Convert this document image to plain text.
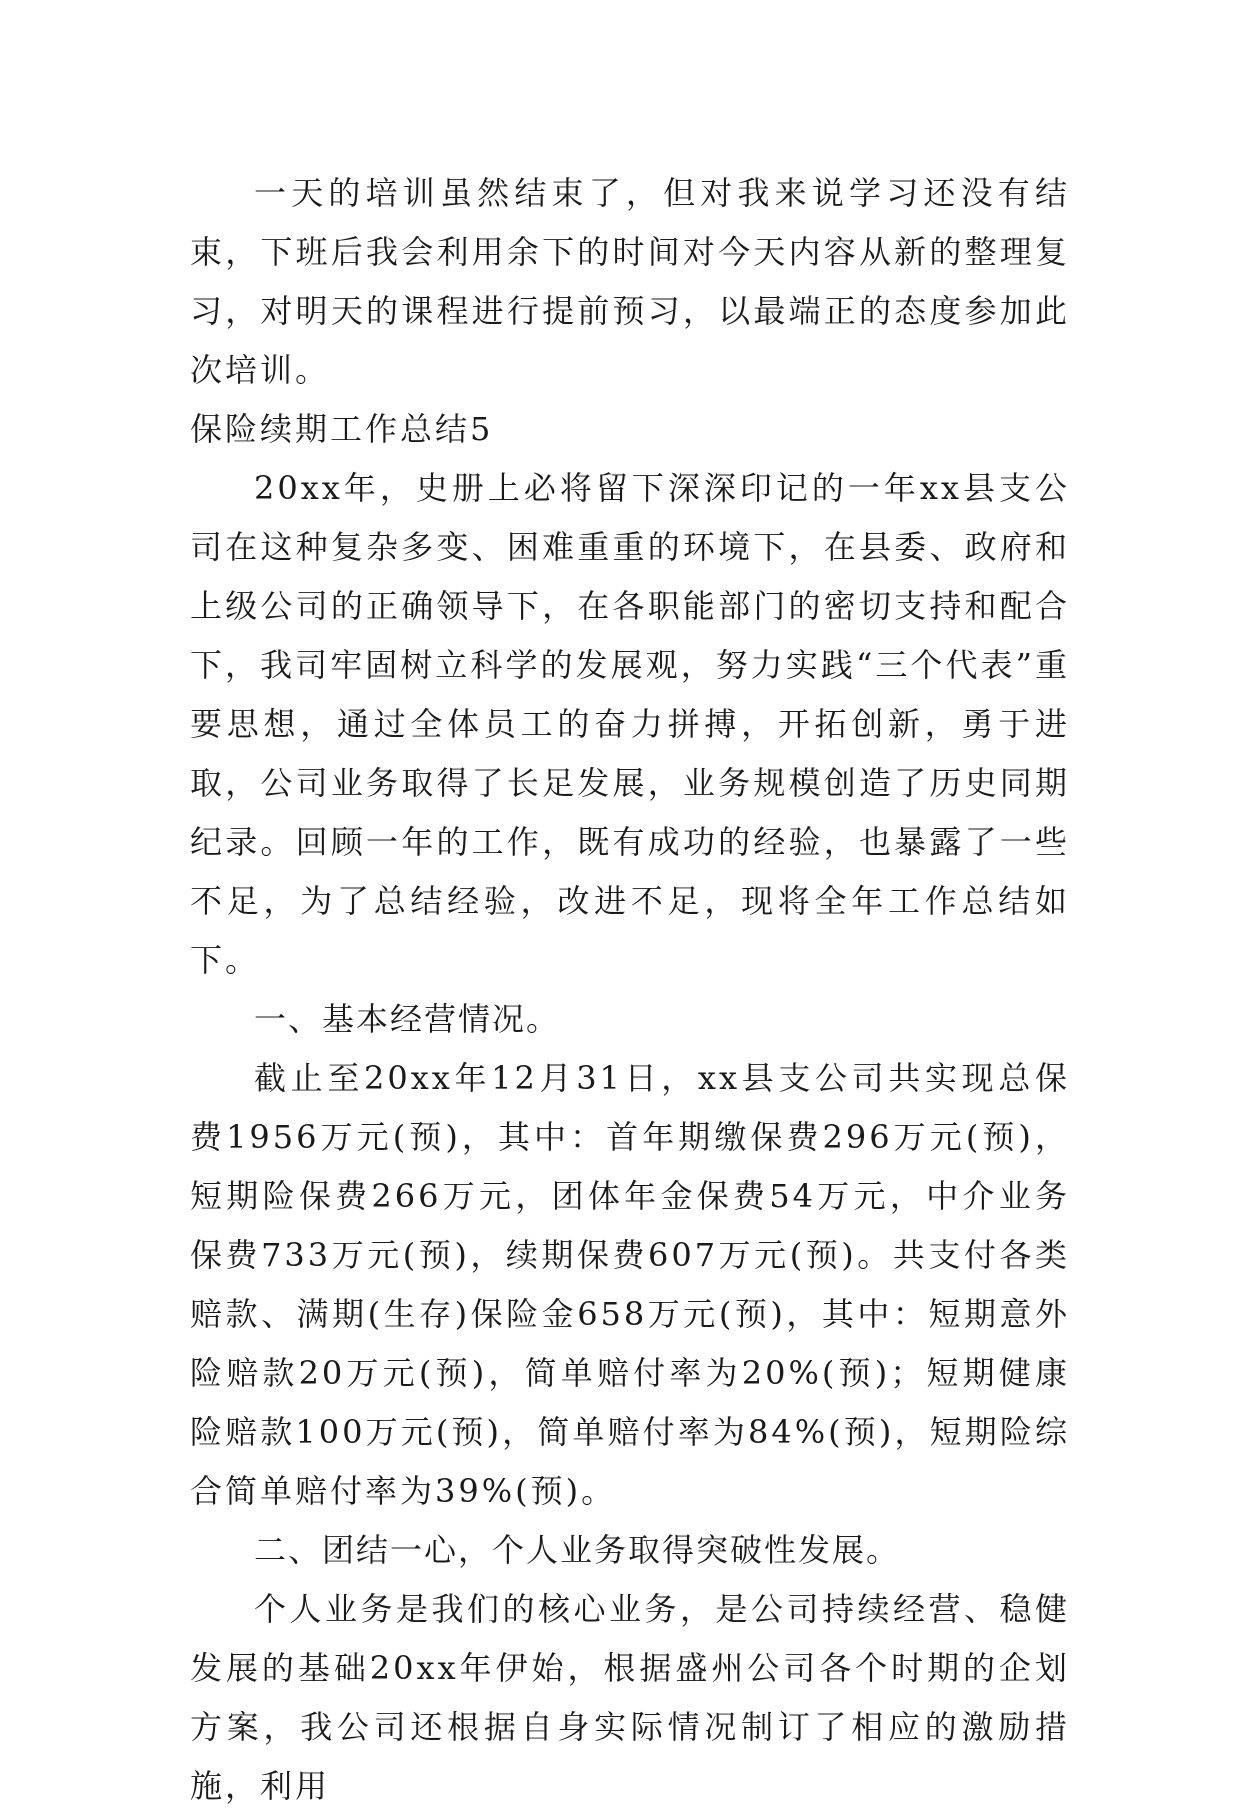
一天的培训虽然结束了，但对我来说学习还没有结束，下班后我会利用余下的时间对今天内容从新的整理复习，对明天的课程进行提前预习，以最端正的态度参加此次培训。

保险续期工作总结5

20xx年，史册上必将留下深深印记的一年xx县支公司在这种复杂多变、困难重重的环境下，在县委、政府和上级公司的正确领导下，在各职能部门的密切支持和配合下，我司牢固树立科学的发展观，努力实践“三个代表”重要思想，通过全体员工的奋力拼搏，开拓创新，勇于进取，公司业务取得了长足发展，业务规模创造了历史同期纪录。回顾一年的工作，既有成功的经验，也暴露了一些不足，为了总结经验，改进不足，现将全年工作总结如下。

一、基本经营情况。

截止至20xx年12月31日，xx县支公司共实现总保费1956万元(预)，其中：首年期缴保费296万元(预)，短期险保费266万元，团体年金保费54万元，中介业务保费733万元(预)，续期保费607万元(预)。共支付各类赔款、满期(生存)保险金658万元(预)，其中：短期意外险赔款20万元(预)，简单赔付率为20%(预)；短期健康险赔款100万元(预)，简单赔付率为84%(预)，短期险综合简单赔付率为39%(预)。

二、团结一心，个人业务取得突破性发展。

个人业务是我们的核心业务，是公司持续经营、稳健发展的基础20xx年伊始，根据盛州公司各个时期的企划方案，我公司还根据自身实际情况制订了相应的激励措施，利用
